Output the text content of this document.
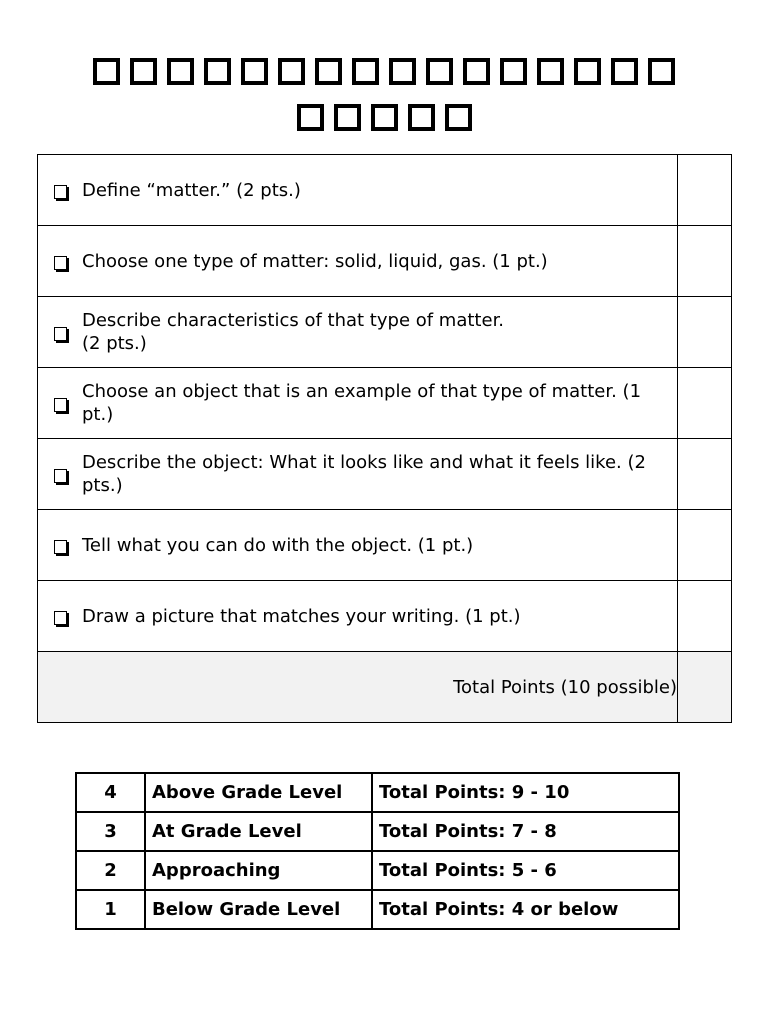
Define “matter.” (2 pts.)	

Choose one type of matter: solid, liquid, gas. (1 pt.)	

Describe characteristics of that type of matter.
(2 pts.)	

Choose an object that is an example of that type of matter. (1 pt.)	

Describe the object: What it looks like and what it feels like. (2 pts.)	

Tell what you can do with the object. (1 pt.)	

Draw a picture that matches your writing. (1 pt.)	

Total Points (10 possible)	
4	Above Grade Level	Total Points: 9 - 10
3	At Grade Level	Total Points: 7 - 8
2	Approaching	Total Points: 5 - 6
1	Below Grade Level	Total Points: 4 or below
